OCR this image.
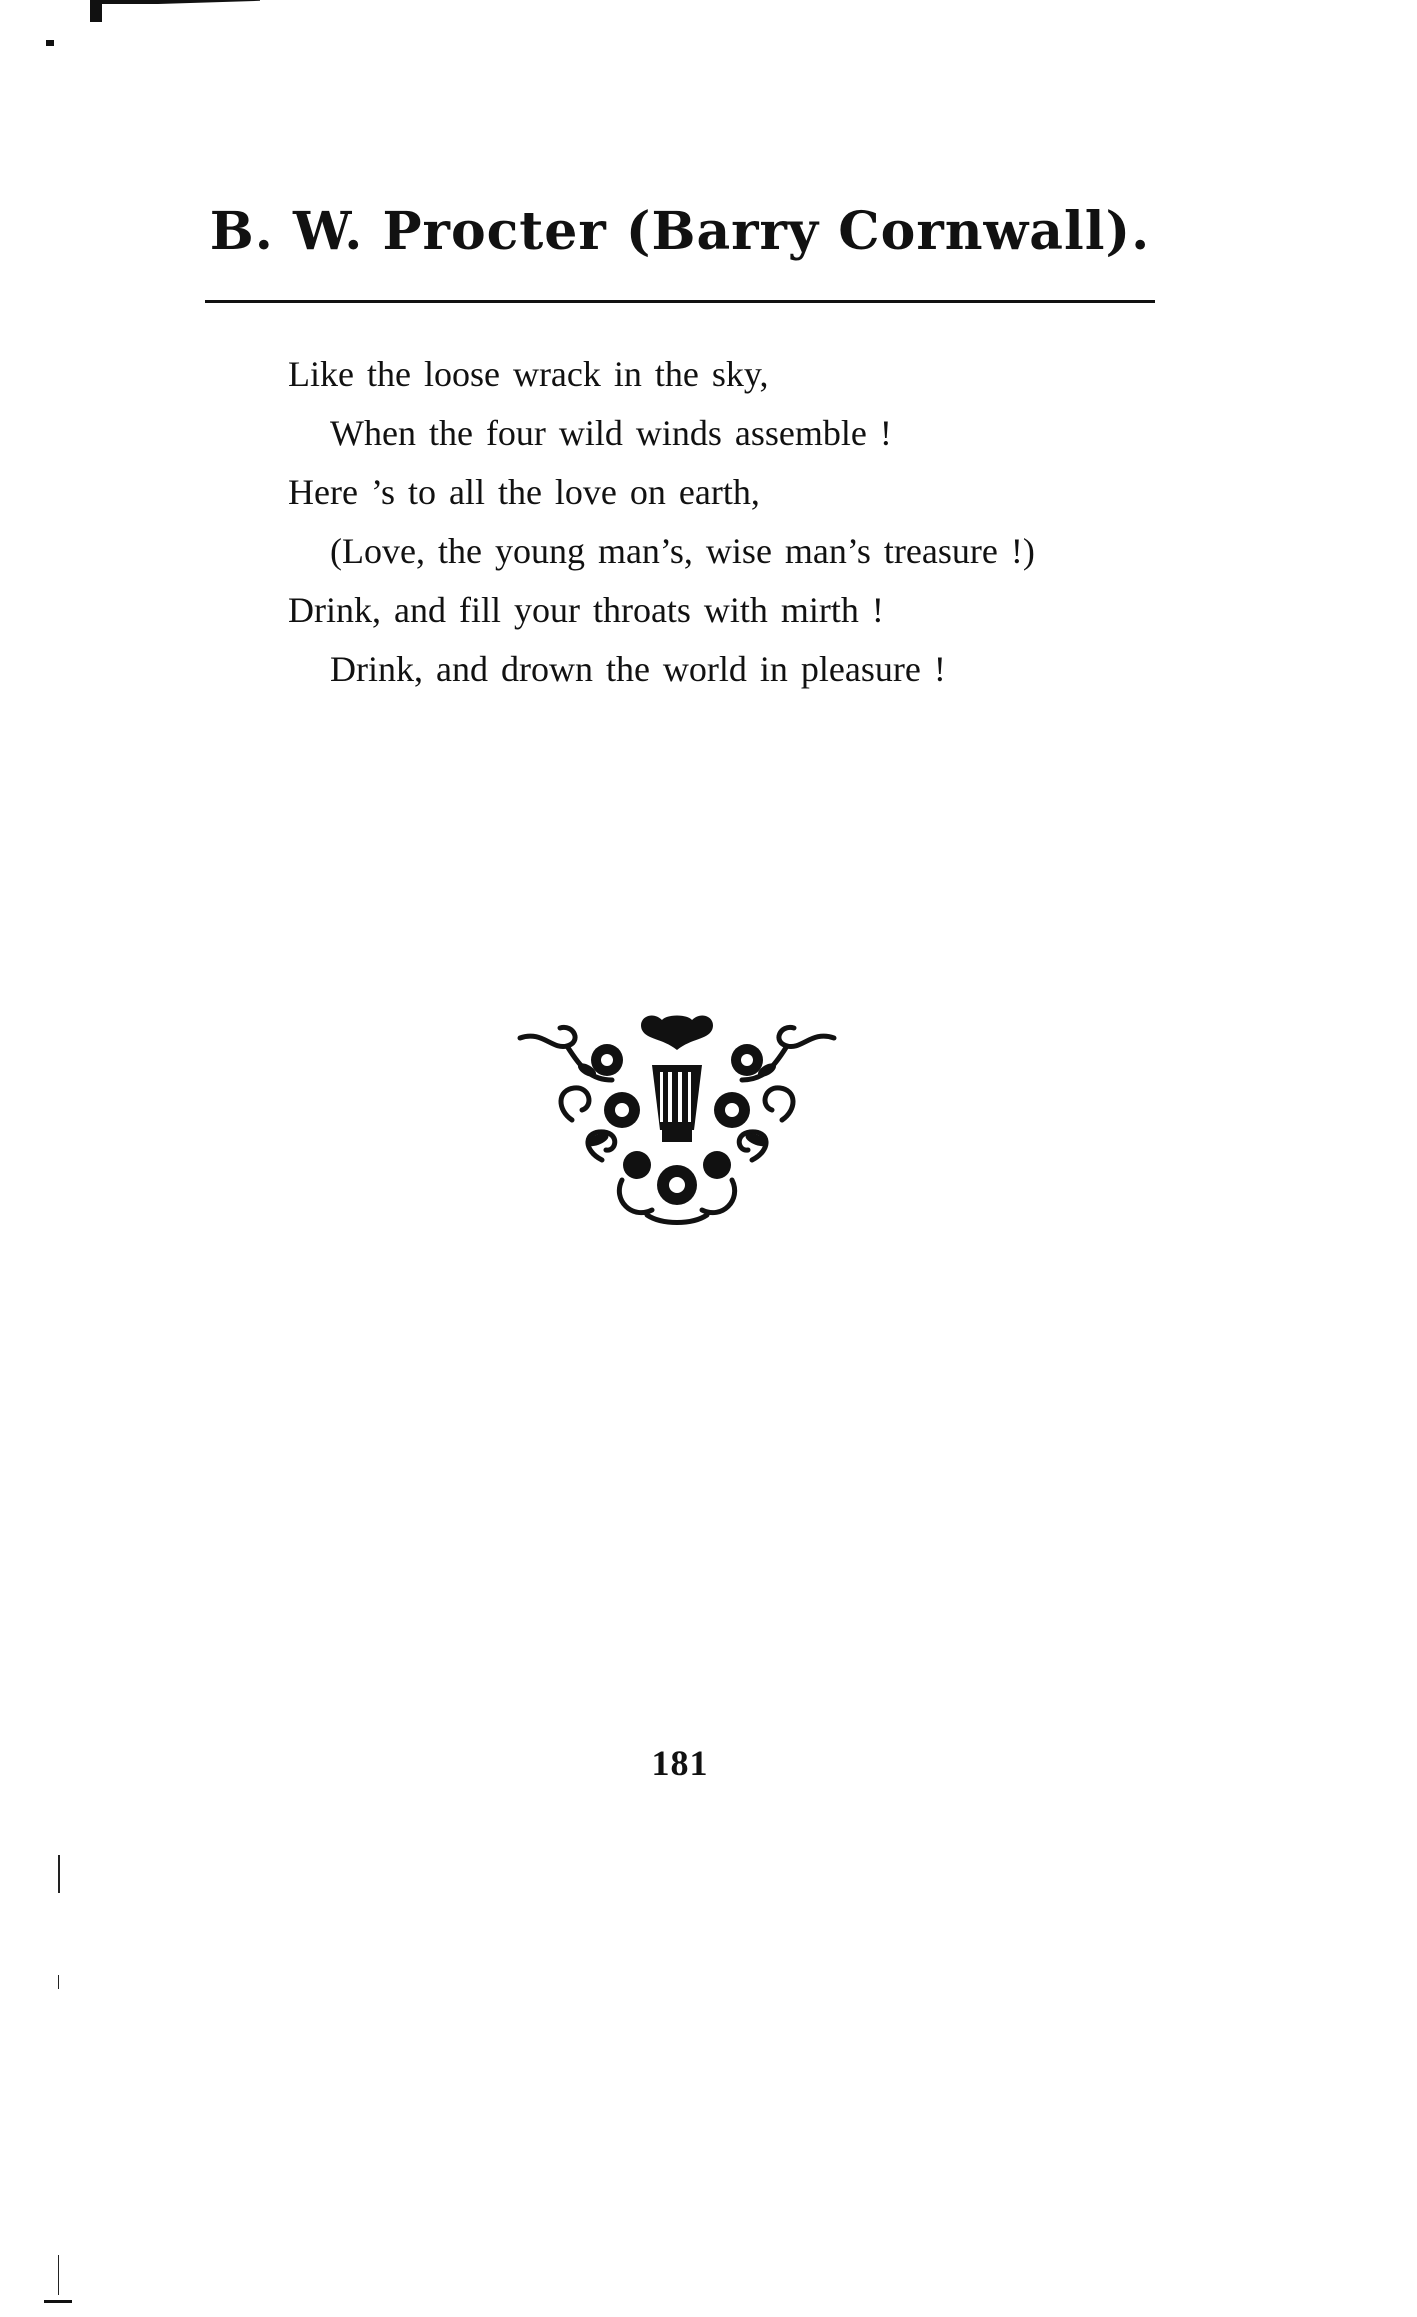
B. W. Procter (Barry Cornwall).
Like the loose wrack in the sky,
When the four wild winds assemble !
Here ’s to all the love on earth,
(Love, the young man’s, wise man’s treasure !)
Drink, and fill your throats with mirth !
Drink, and drown the world in pleasure !
181
